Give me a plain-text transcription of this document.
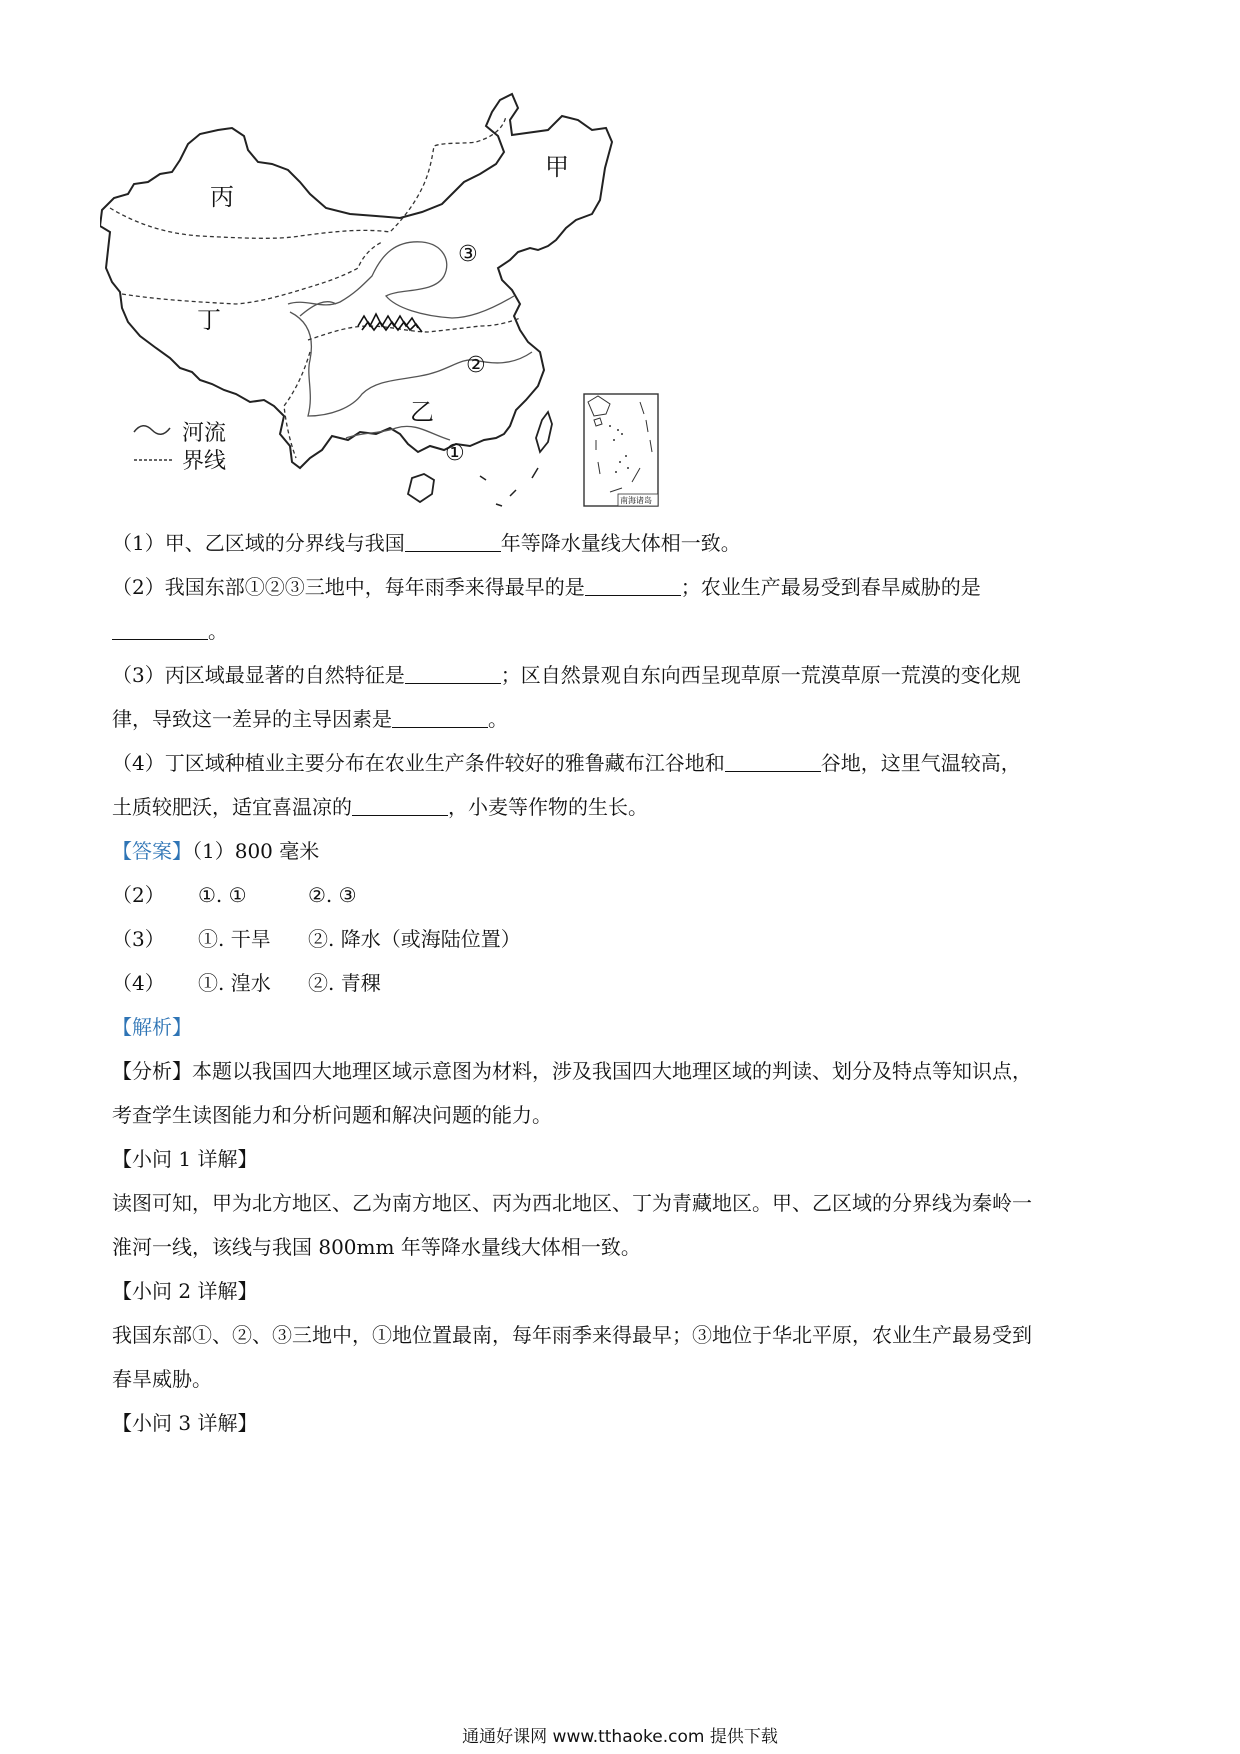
甲
乙
丙
丁
①
②
③
河流
界线
南海诸岛
（1）甲、乙区域的分界线与我国	年等降水量线大体相一致。
（2）我国东部①②③三地中，每年雨季来得最早的是	；农业生产最易受到春旱威胁的是
。
（3）丙区域最显著的自然特征是	；区自然景观自东向西呈现草原一荒漠草原一荒漠的变化规
律，导致这一差异的主导因素是	。
（4）丁区域种植业主要分布在农业生产条件较好的雅鲁藏布江谷地和	谷地，这里气温较高，
土质较肥沃，适宜喜温凉的	，小麦等作物的生长。
【答案】（1）800 毫米
（2） ①. ①	②. ③
（3） ①. 干旱 ②. 降水（或海陆位置）
（4） ①. 湟水 ②. 青稞
【解析】
【分析】本题以我国四大地理区域示意图为材料，涉及我国四大地理区域的判读、划分及特点等知识点，
考查学生读图能力和分析问题和解决问题的能力。
【小问 1 详解】
读图可知，甲为北方地区、乙为南方地区、丙为西北地区、丁为青藏地区。甲、乙区域的分界线为秦岭一
淮河一线，该线与我国 800mm 年等降水量线大体相一致。
【小问 2 详解】
我国东部①、②、③三地中，①地位置最南，每年雨季来得最早；③地位于华北平原，农业生产最易受到
春旱威胁。
【小问 3 详解】
通通好课网 www.tthaoke.com 提供下载
